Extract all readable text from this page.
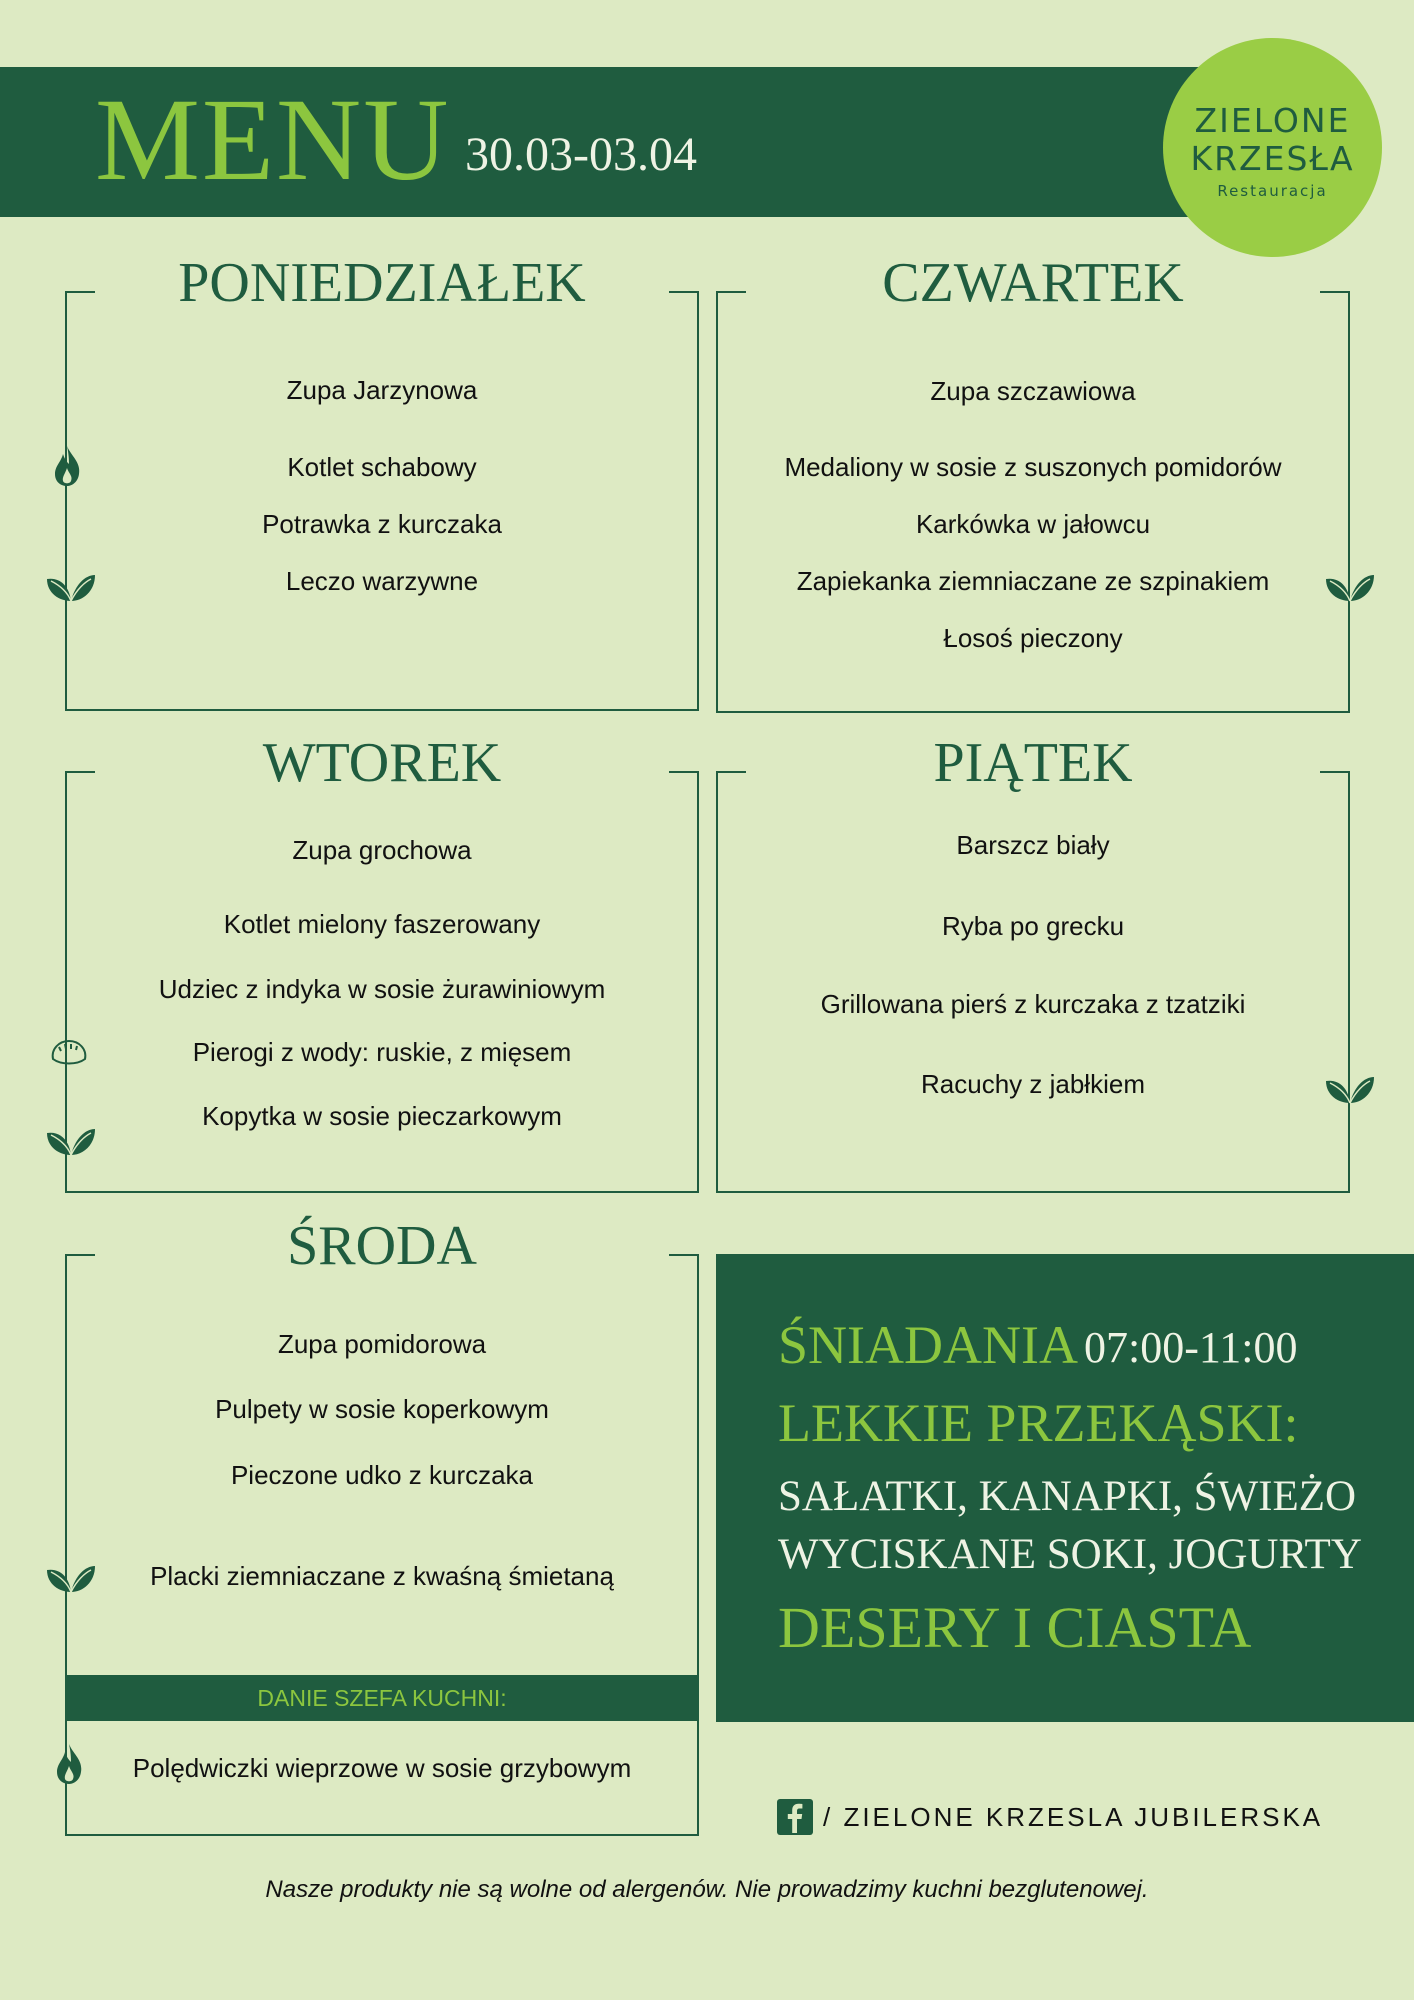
MENU 30.03-03.04
ZIELONE
KRZESŁA
Restauracja
PONIEDZIAŁEK
Zupa Jarzynowa
Kotlet schabowy
Potrawka z kurczaka
Leczo warzywne
CZWARTEK
Zupa szczawiowa
Medaliony w sosie z suszonych pomidorów
Karkówka w jałowcu
Zapiekanka ziemniaczane ze szpinakiem
Łosoś pieczony
WTOREK
Zupa grochowa
Kotlet mielony faszerowany
Udziec z indyka w sosie żurawiniowym
Pierogi z wody: ruskie, z mięsem
Kopytka w sosie pieczarkowym
PIĄTEK
Barszcz biały
Ryba po grecku
Grillowana pierś z kurczaka z tzatziki
Racuchy z jabłkiem
ŚRODA
Zupa pomidorowa
Pulpety w sosie koperkowym
Pieczone udko z kurczaka
Placki ziemniaczane z kwaśną śmietaną
DANIE SZEFA KUCHNI:
Polędwiczki wieprzowe w sosie grzybowym
ŚNIADANIA 07:00-11:00
LEKKIE PRZEKĄSKI:
SAŁATKI, KANAPKI, ŚWIEŻO
WYCISKANE SOKI, JOGURTY
DESERY I CIASTA
/ ZIELONE KRZESLA JUBILERSKA
Nasze produkty nie są wolne od alergenów. Nie prowadzimy kuchni bezglutenowej.
